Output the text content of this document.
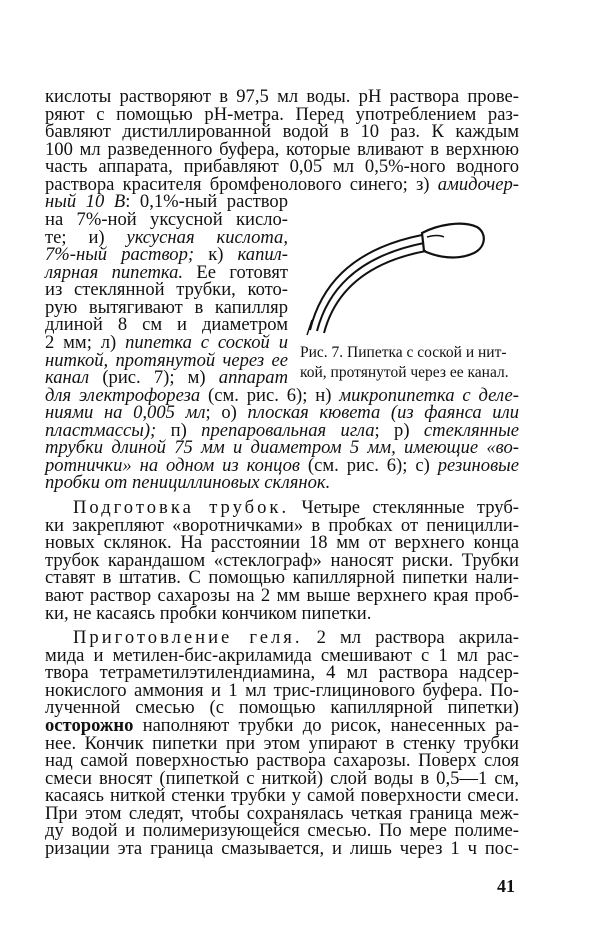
кислоты растворяют в 97,5 мл воды. pH раствора прове-
ряют с помощью pH-метра. Перед употреблением раз-
бавляют дистиллированной водой в 10 раз. К каждым
100 мл разведенного буфера, которые вливают в верхнюю
часть аппарата, прибавляют 0,05 мл 0,5%-ного водного
раствора красителя бромфенолового синего; з) амидочер-
ный 10 В: 0,1%-ный раствор
на 7%-ной уксусной кисло-
те; и) уксусная кислота,
7%-ный раствор; к) капил-
лярная пипетка. Ее готовят
из стеклянной трубки, кото-
рую вытягивают в капилляр
длиной 8 см и диаметром
2 мм; л) пипетка с соской и
ниткой, протянутой через ее
канал (рис. 7); м) аппарат
для электрофореза (см. рис. 6); н) микропипетка с деле-
ниями на 0,005 мл; о) плоская кювета (из фаянса или
пластмассы); п) препаровальная игла; р) стеклянные
трубки длиной 75 мм и диаметром 5 мм, имеющие «во-
ротнички» на одном из концов (см. рис. 6); с) резиновые
пробки от пенициллиновых склянок.
Подготовка трубок. Четыре стеклянные труб-
ки закрепляют «воротничками» в пробках от пеницилли-
новых склянок. На расстоянии 18 мм от верхнего конца
трубок карандашом «стеклограф» наносят риски. Трубки
ставят в штатив. С помощью капиллярной пипетки нали-
вают раствор сахарозы на 2 мм выше верхнего края проб-
ки, не касаясь пробки кончиком пипетки.
Приготовление геля. 2 мл раствора акрила-
мида и метилен-бис-акриламида смешивают с 1 мл рас-
твора тетраметилэтилендиамина, 4 мл раствора надсер-
нокислого аммония и 1 мл трис-глицинового буфера. По-
лученной смесью (с помощью капиллярной пипетки)
осторожно наполняют трубки до рисок, нанесенных ра-
нее. Кончик пипетки при этом упирают в стенку трубки
над самой поверхностью раствора сахарозы. Поверх слоя
смеси вносят (пипеткой с ниткой) слой воды в 0,5—1 см,
касаясь ниткой стенки трубки у самой поверхности смеси.
При этом следят, чтобы сохранялась четкая граница меж-
ду водой и полимеризующейся смесью. По мере полиме-
ризации эта граница смазывается, и лишь через 1 ч пос-
Рис. 7. Пипетка с соской и нит-
кой, протянутой через ее канал.
41
